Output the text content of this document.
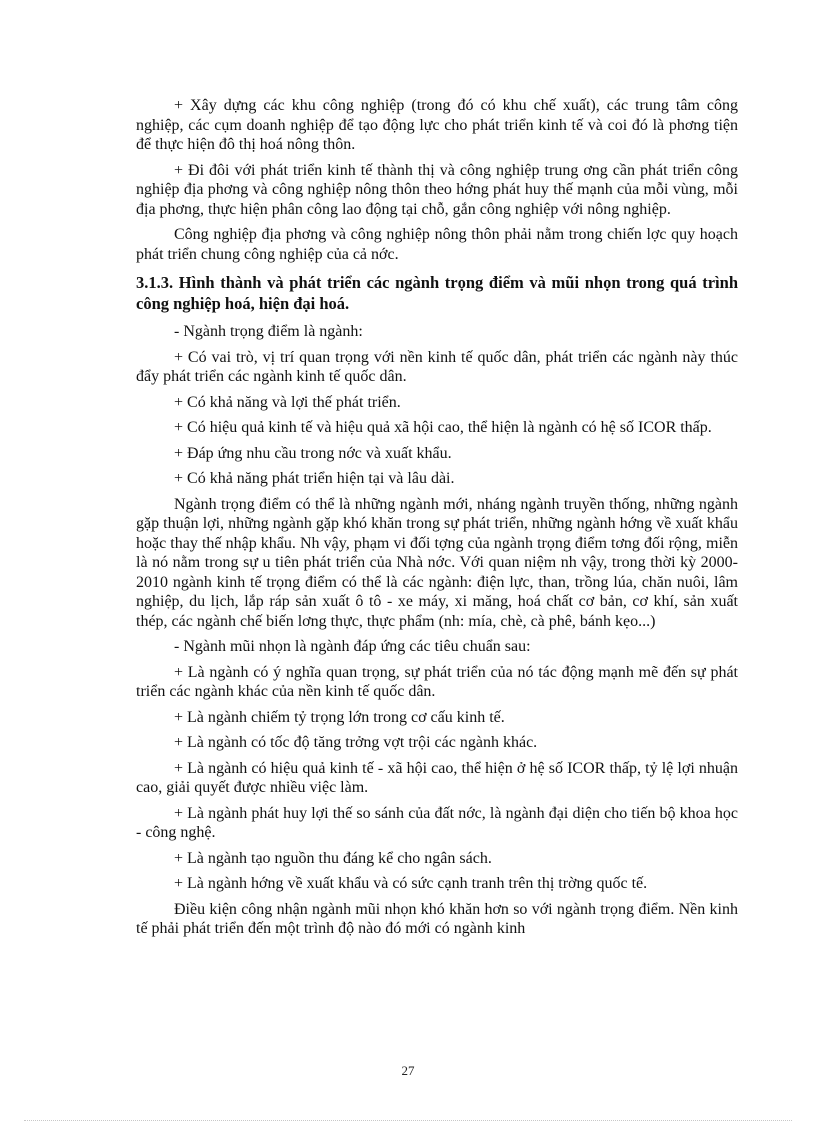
+ Xây dựng các khu công nghiệp (trong đó có khu chế xuất), các trung tâm công nghiệp, các cụm doanh nghiệp để tạo động lực cho phát triển kinh tế và coi đó là phơng tiện để thực hiện đô thị hoá nông thôn.

+ Đi đôi với phát triển kinh tế thành thị và công nghiệp trung ơng cần phát triển công nghiệp địa phơng và công nghiệp nông thôn theo hớng phát huy thế mạnh của mỗi vùng, mỗi địa phơng, thực hiện phân công lao động tại chỗ, gắn công nghiệp với nông nghiệp.

Công nghiệp địa phơng và công nghiệp nông thôn phải nằm trong chiến lợc quy hoạch phát triển chung công nghiệp của cả nớc.

3.1.3. Hình thành và phát triển các ngành trọng điểm và mũi nhọn trong quá trình công nghiệp hoá, hiện đại hoá.

- Ngành trọng điểm là ngành:

+ Có vai trò, vị trí quan trọng với nền kinh tế quốc dân, phát triển các ngành này thúc đẩy phát triển các ngành kinh tế quốc dân.

+ Có khả năng và lợi thế phát triển.

+ Có hiệu quả kinh tế và hiệu quả xã hội cao, thể hiện là ngành có hệ số ICOR thấp.

+ Đáp ứng nhu cầu trong nớc và xuất khẩu.

+ Có khả năng phát triển hiện tại và lâu dài.

Ngành trọng điểm có thể là những ngành mới, nháng ngành truyền thống, những ngành gặp thuận lợi, những ngành gặp khó khăn trong sự phát triển, những ngành hớng về xuất khẩu hoặc thay thế nhập khẩu. Nh vậy, phạm vi đối tợng của ngành trọng điểm tơng đối rộng, miễn là nó nằm trong sự u tiên phát triển của Nhà nớc. Với quan niệm nh vậy, trong thời kỳ 2000-2010 ngành kinh tế trọng điểm có thể là các ngành: điện lực, than, trồng lúa, chăn nuôi, lâm nghiệp, du lịch, lắp ráp sản xuất ô tô - xe máy, xi măng, hoá chất cơ bản, cơ khí, sản xuất thép, các ngành chế biến lơng thực, thực phẩm (nh: mía, chè, cà phê, bánh kẹo...)

- Ngành mũi nhọn là ngành đáp ứng các tiêu chuẩn sau:

+ Là ngành có ý nghĩa quan trọng, sự phát triển của nó tác động mạnh mẽ đến sự phát triển các ngành khác của nền kinh tế quốc dân.

+ Là ngành chiếm tỷ trọng lớn trong cơ cấu kinh tế.

+ Là ngành có tốc độ tăng trởng vợt trội các ngành khác.

+ Là ngành có hiệu quả kinh tế - xã hội cao, thể hiện ở hệ số ICOR thấp, tỷ lệ lợi nhuận cao, giải quyết được nhiều việc làm.

+ Là ngành phát huy lợi thế so sánh của đất nớc, là ngành đại diện cho tiến bộ khoa học - công nghệ.

+ Là ngành tạo nguồn thu đáng kể cho ngân sách.

+ Là ngành hớng về xuất khẩu và có sức cạnh tranh trên thị trờng quốc tế.

Điều kiện công nhận ngành mũi nhọn khó khăn hơn so với ngành trọng điểm. Nền kinh tế phải phát triển đến một trình độ nào đó mới có ngành kinh

27
